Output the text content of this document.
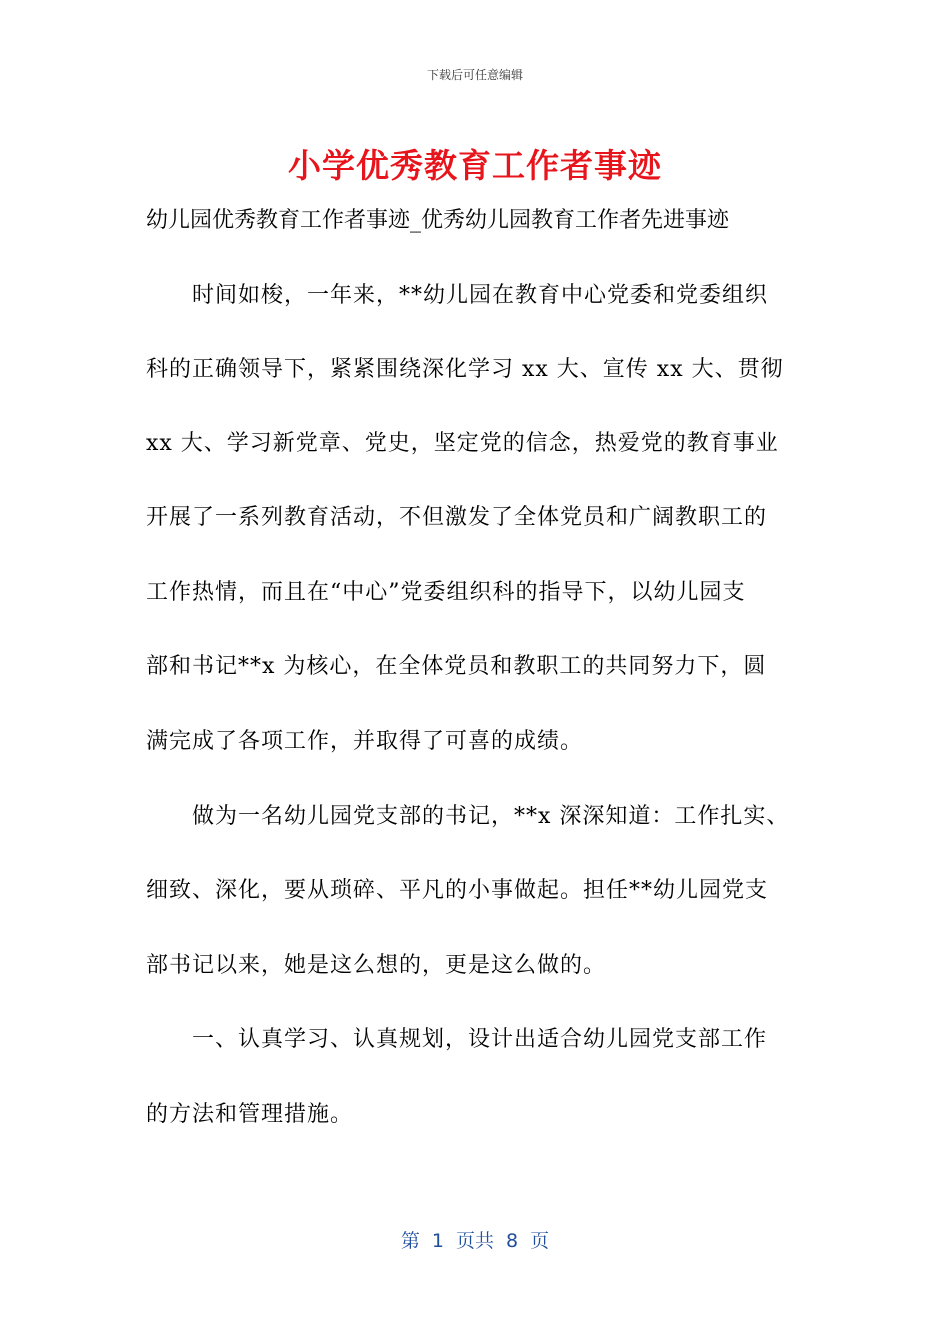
下载后可任意编辑
小学优秀教育工作者事迹
幼儿园优秀教育工作者事迹_优秀幼儿园教育工作者先进事迹
时间如梭，一年来，**幼儿园在教育中心党委和党委组织
科的正确领导下，紧紧围绕深化学习 xx 大、宣传 xx 大、贯彻
xx 大、学习新党章、党史，坚定党的信念，热爱党的教育事业
开展了一系列教育活动，不但激发了全体党员和广阔教职工的
工作热情，而且在“中心”党委组织科的指导下，以幼儿园支
部和书记**x 为核心，在全体党员和教职工的共同努力下，圆
满完成了各项工作，并取得了可喜的成绩。
做为一名幼儿园党支部的书记，**x 深深知道：工作扎实、
细致、深化，要从琐碎、平凡的小事做起。担任**幼儿园党支
部书记以来，她是这么想的，更是这么做的。
一、认真学习、认真规划，设计出适合幼儿园党支部工作
的方法和管理措施。
第 1 页共 8 页
